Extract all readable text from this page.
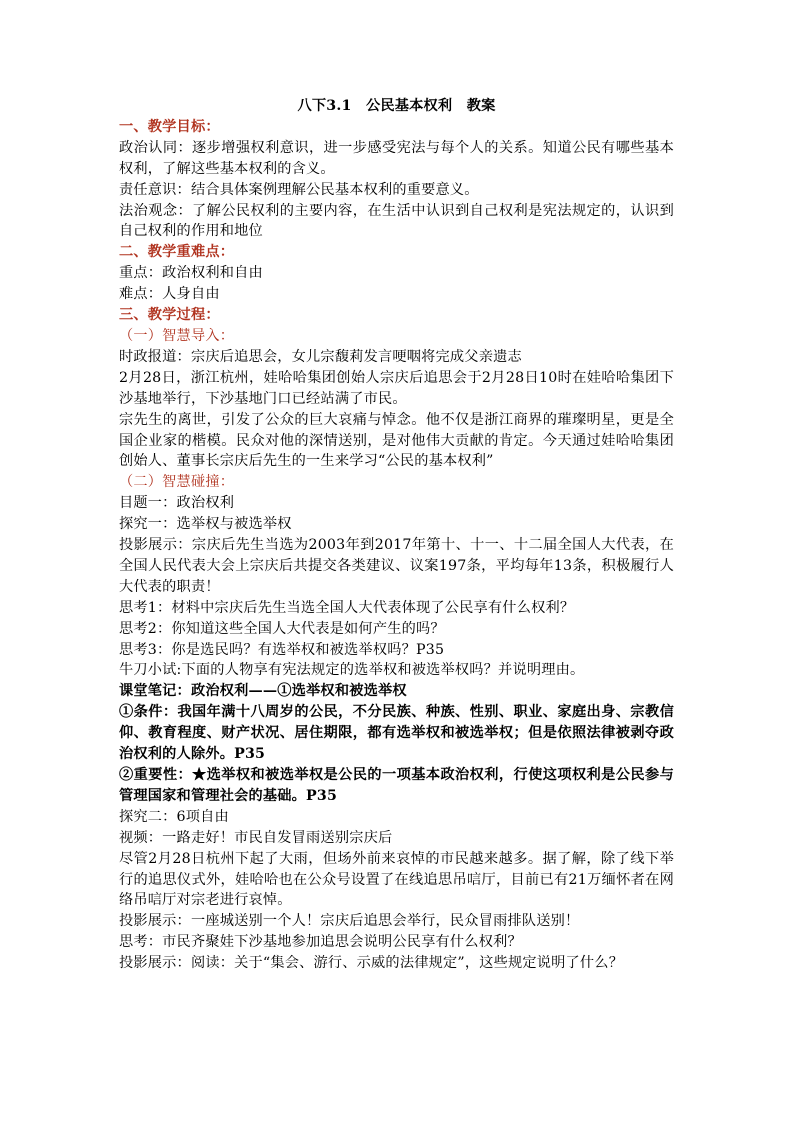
八下3.1　公民基本权利　教案

一、教学目标：

政治认同：逐步增强权利意识，进一步感受宪法与每个人的关系。知道公民有哪些基本权利，了解这些基本权利的含义。

责任意识：结合具体案例理解公民基本权利的重要意义。

法治观念：了解公民权利的主要内容，在生活中认识到自己权利是宪法规定的，认识到自己权利的作用和地位

二、教学重难点：

重点：政治权利和自由

难点：人身自由

三、教学过程：

（一）智慧导入：

时政报道：宗庆后追思会，女儿宗馥莉发言哽咽将完成父亲遗志

2月28日，浙江杭州，娃哈哈集团创始人宗庆后追思会于2月28日10时在娃哈哈集团下沙基地举行，下沙基地门口已经站满了市民。

宗先生的离世，引发了公众的巨大哀痛与悼念。他不仅是浙江商界的璀璨明星，更是全国企业家的楷模。民众对他的深情送别，是对他伟大贡献的肯定。今天通过娃哈哈集团创始人、董事长宗庆后先生的一生来学习“公民的基本权利”

（二）智慧碰撞：

目题一：政治权利

探究一：选举权与被选举权

投影展示：宗庆后先生当选为2003年到2017年第十、十一、十二届全国人大代表，在全国人民代表大会上宗庆后共提交各类建议、议案197条，平均每年13条，积极履行人大代表的职责！

思考1：材料中宗庆后先生当选全国人大代表体现了公民享有什么权利？

思考2：你知道这些全国人大代表是如何产生的吗？

思考3：你是选民吗？有选举权和被选举权吗？P35

牛刀小试:下面的人物享有宪法规定的选举权和被选举权吗？并说明理由。

课堂笔记：政治权利——①选举权和被选举权

①条件：我国年满十八周岁的公民，不分民族、种族、性别、职业、家庭出身、宗教信仰、教育程度、财产状况、居住期限，都有选举权和被选举权；但是依照法律被剥夺政治权利的人除外。P35

②重要性：★选举权和被选举权是公民的一项基本政治权利，行使这项权利是公民参与管理国家和管理社会的基础。P35

探究二：6项自由

视频：一路走好！市民自发冒雨送别宗庆后

尽管2月28日杭州下起了大雨，但场外前来哀悼的市民越来越多。据了解，除了线下举行的追思仪式外，娃哈哈也在公众号设置了在线追思吊唁厅，目前已有21万缅怀者在网络吊唁厅对宗老进行哀悼。

投影展示：一座城送别一个人！宗庆后追思会举行，民众冒雨排队送别！

思考：市民齐聚娃下沙基地参加追思会说明公民享有什么权利？

投影展示：阅读：关于“集会、游行、示威的法律规定”，这些规定说明了什么？
